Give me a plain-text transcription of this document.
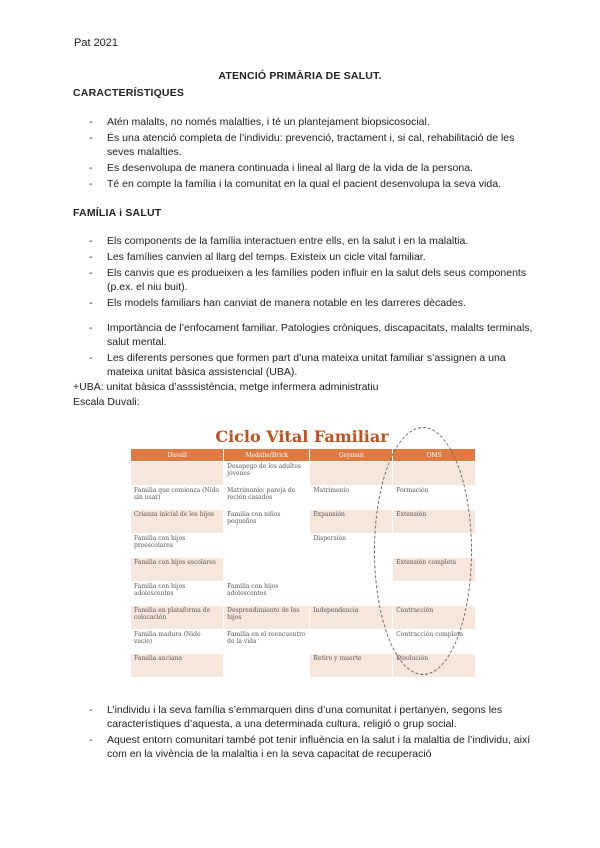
Pat 2021
ATENCIÓ PRIMÀRIA DE SALUT.
CARACTERÍSTIQUES
- Atén malalts, no només malalties, i té un plantejament biopsicosocial.
- És una atenció completa de l’individu: prevenció, tractament i, si cal, rehabilitació de les seves malalties.
- Es desenvolupa de manera continuada i lineal al llarg de la vida de la persona.
- Té en compte la família i la comunitat en la qual el pacient desenvolupa la seva vida.
FAMÍLIA i SALUT
- Els components de la família interactuen entre ells, en la salut i en la malaltia.
- Les famílies canvien al llarg del temps. Existeix un cicle vital familiar.
- Els canvis que es produeixen a les famílies poden influir en la salut dels seus components (p.ex. el niu buit).
- Els models familiars han canviat de manera notable en les darreres dècades.
- Importància de l’enfocament familiar. Patologies cròniques, discapacitats, malalts terminals, salut mental.
- Les diferents persones que formen part d’una mateixa unitat familiar s’assignen a una mateixa unitat bàsica assistencial (UBA).
+UBA: unitat bàsica d’asssistència, metge infermera administratiu
Escala Duvali:
Ciclo Vital Familiar
Duvall	Medalie/Brick	Geyman	OMS
	Desapego de los adultos jóvenes		
Familia que comienza (Nido sin usar)	Matrimonio: pareja de recién casados	Matrimonio	Formación
Crianza inicial de los hijos	Familia con niños pequeños	Expansión	Extensión
Familia con hijos preescolares		Dispersión	
Familia con hijos escolares			Extensión completa
Familia con hijos adolescentes	Familia con hijos adolescentes		
Familia en plataforma de colocación	Desprendimiento de los hijos	Independencia	Contracción
Familia madura (Nido vacío)	Familia en el reencuentro de la vida		Contracción completa
Familia anciana		Retiro y muerte	Disolución
- L’individu i la seva família s’emmarquen dins d’una comunitat i pertanyen, segons les característiques d’aquesta, a una determinada cultura, religió o grup social.
- Aquest entorn comunitari també pot tenir influència en la salut i la malaltia de l’individu, així com en la vivència de la malaltia i en la seva capacitat de recuperació
